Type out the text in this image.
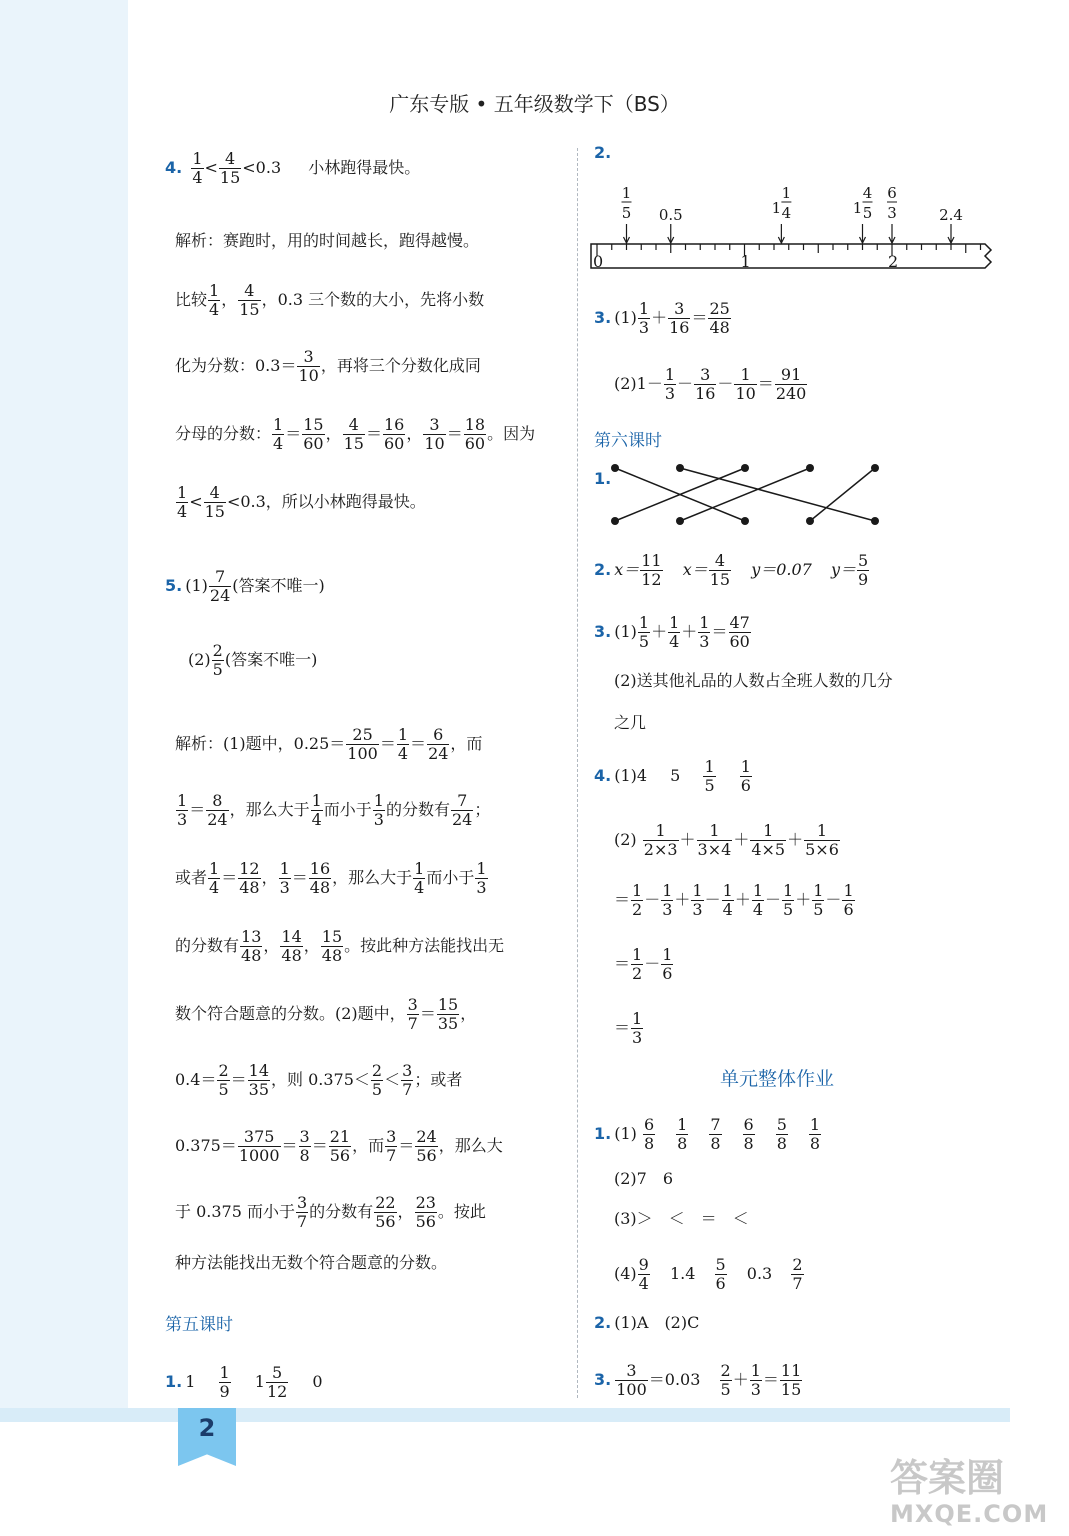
2
广东专版 • 五年级数学下（BS）
4. $\frac{1}{4} < \frac{4}{15} <0.3$ 小林跑得最快。
解析：赛跑时，用的时间越长，跑得越慢。
比较 $\frac{1}{4}$ ， $\frac{4}{15}$ ，0.3 三个数的大小，先将小数
化为分数：$0.3= \frac{3}{10}$ ，再将三个分数化成同
分母的分数： $\frac{1}{4} = \frac{15}{60}$ ， $\frac{4}{15} = \frac{16}{60}$ ， $\frac{3}{10} = \frac{18}{60}$ 。因为
$\frac{1}{4} < \frac{4}{15} <0.3$，所以小林跑得最快。
5. $(1) \frac{7}{24}$ (答案不唯一)
$(2) \frac{2}{5}$ (答案不唯一)
解析：(1)题中，$0.25= \frac{25}{100} = \frac{1}{4} = \frac{6}{24}$ ，而
$\frac{1}{3} = \frac{8}{24}$ ，那么大于 $\frac{1}{4}$ 而小于 $\frac{1}{3}$ 的分数有 $\frac{7}{24}$ ；
或者 $\frac{1}{4} = \frac{12}{48}$ ， $\frac{1}{3} = \frac{16}{48}$ ，那么大于 $\frac{1}{4}$ 而小于 $\frac{1}{3}$
的分数有 $\frac{13}{48}$ ， $\frac{14}{48}$ ， $\frac{15}{48}$ 。按此种方法能找出无
数个符合题意的分数。(2)题中， $\frac{3}{7} = \frac{15}{35}$ ，
$0.4= \frac{2}{5} = \frac{14}{35}$ ，则 $0.375< \frac{2}{5} < \frac{3}{7}$ ；或者
$0.375= \frac{375}{1000} = \frac{3}{8} = \frac{21}{56}$ ，而 $\frac{3}{7} = \frac{24}{56}$ ，那么大
于 0.375 而小于 $\frac{3}{7}$ 的分数有 $\frac{22}{56}$ ， $\frac{23}{56}$ 。按此
种方法能找出无数个符合题意的分数。
第五课时
1. $1 \frac{1}{9} 1 \frac{5}{12} 0$
2.
1
5 0.5	1
1
4	1
4
5
6
3	2.4
0	1	2
3. $(1) \frac{1}{3} + \frac{3}{16} = \frac{25}{48}$
$(2)1- \frac{1}{3} - \frac{3}{16} - \frac{1}{10} = \frac{91}{240}$
第六课时
1.
2. $x= \frac{11}{12} x= \frac{4}{15} y=0.07$ $y= \frac{5}{9}$
3. $(1) \frac{1}{5} + \frac{1}{4} + \frac{1}{3} = \frac{47}{60}$
(2)送其他礼品的人数占全班人数的几分
之几
4. (1)4 $5 \frac{1}{5}$
$\frac{1}{6}$
$(2) \frac{1}{2\times 3} + \frac{1}{3\times 4} + \frac{1}{4\times 5} + \frac{1}{5\times 6}$
＝ $\frac{1}{2} - \frac{1}{3} + \frac{1}{3} - \frac{1}{4} + \frac{1}{4} - \frac{1}{5} + \frac{1}{5} - \frac{1}{6}$
＝ $\frac{1}{2} - \frac{1}{6}$
＝ $\frac{1}{3}$
单元整体作业
1. $(1) \frac{6}{8} \frac{1}{8} \frac{7}{8} \frac{6}{8} \frac{5}{8} \frac{1}{8}$
(2)7　6
(3)＞　＜　＝　＜
$(4) \frac{9}{4} 1.4 \frac{5}{6} 0.3 \frac{2}{7}$
2. (1)A　(2)C
3. $\frac{3}{100} =0.03 \frac{2}{5} + \frac{1}{3} = \frac{11}{15}$
答案圈
MXQE.COM
